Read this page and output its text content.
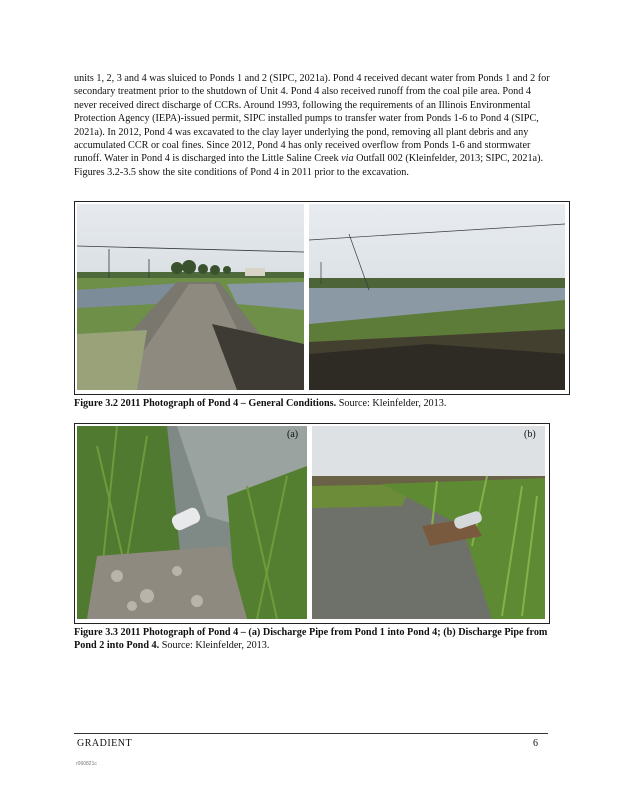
units 1, 2, 3 and 4 was sluiced to Ponds 1 and 2 (SIPC, 2021a). Pond 4 received decant water from Ponds 1 and 2 for secondary treatment prior to the shutdown of Unit 4. Pond 4 also received runoff from the coal pile area. Pond 4 never received direct discharge of CCRs. Around 1993, following the requirements of an Illinois Environmental Protection Agency (IEPA)-issued permit, SIPC installed pumps to transfer water from Ponds 1-6 to Pond 4 (SIPC, 2021a). In 2012, Pond 4 was excavated to the clay layer underlying the pond, removing all plant debris and any accumulated CCR or coal fines. Since 2012, Pond 4 has only received overflow from Ponds 1-6 and stormwater runoff. Water in Pond 4 is discharged into the Little Saline Creek via Outfall 002 (Kleinfelder, 2013; SIPC, 2021a). Figures 3.2-3.5 show the site conditions of Pond 4 in 2011 prior to the excavation.
Figure 3.2 2011 Photograph of Pond 4 – General Conditions. Source: Kleinfelder, 2013.
(a)	(b)
Figure 3.3 2011 Photograph of Pond 4 – (a) Discharge Pipe from Pond 1 into Pond 4; (b) Discharge Pipe from Pond 2 into Pond 4. Source: Kleinfelder, 2013.
GRADIENT	6
r060821c
